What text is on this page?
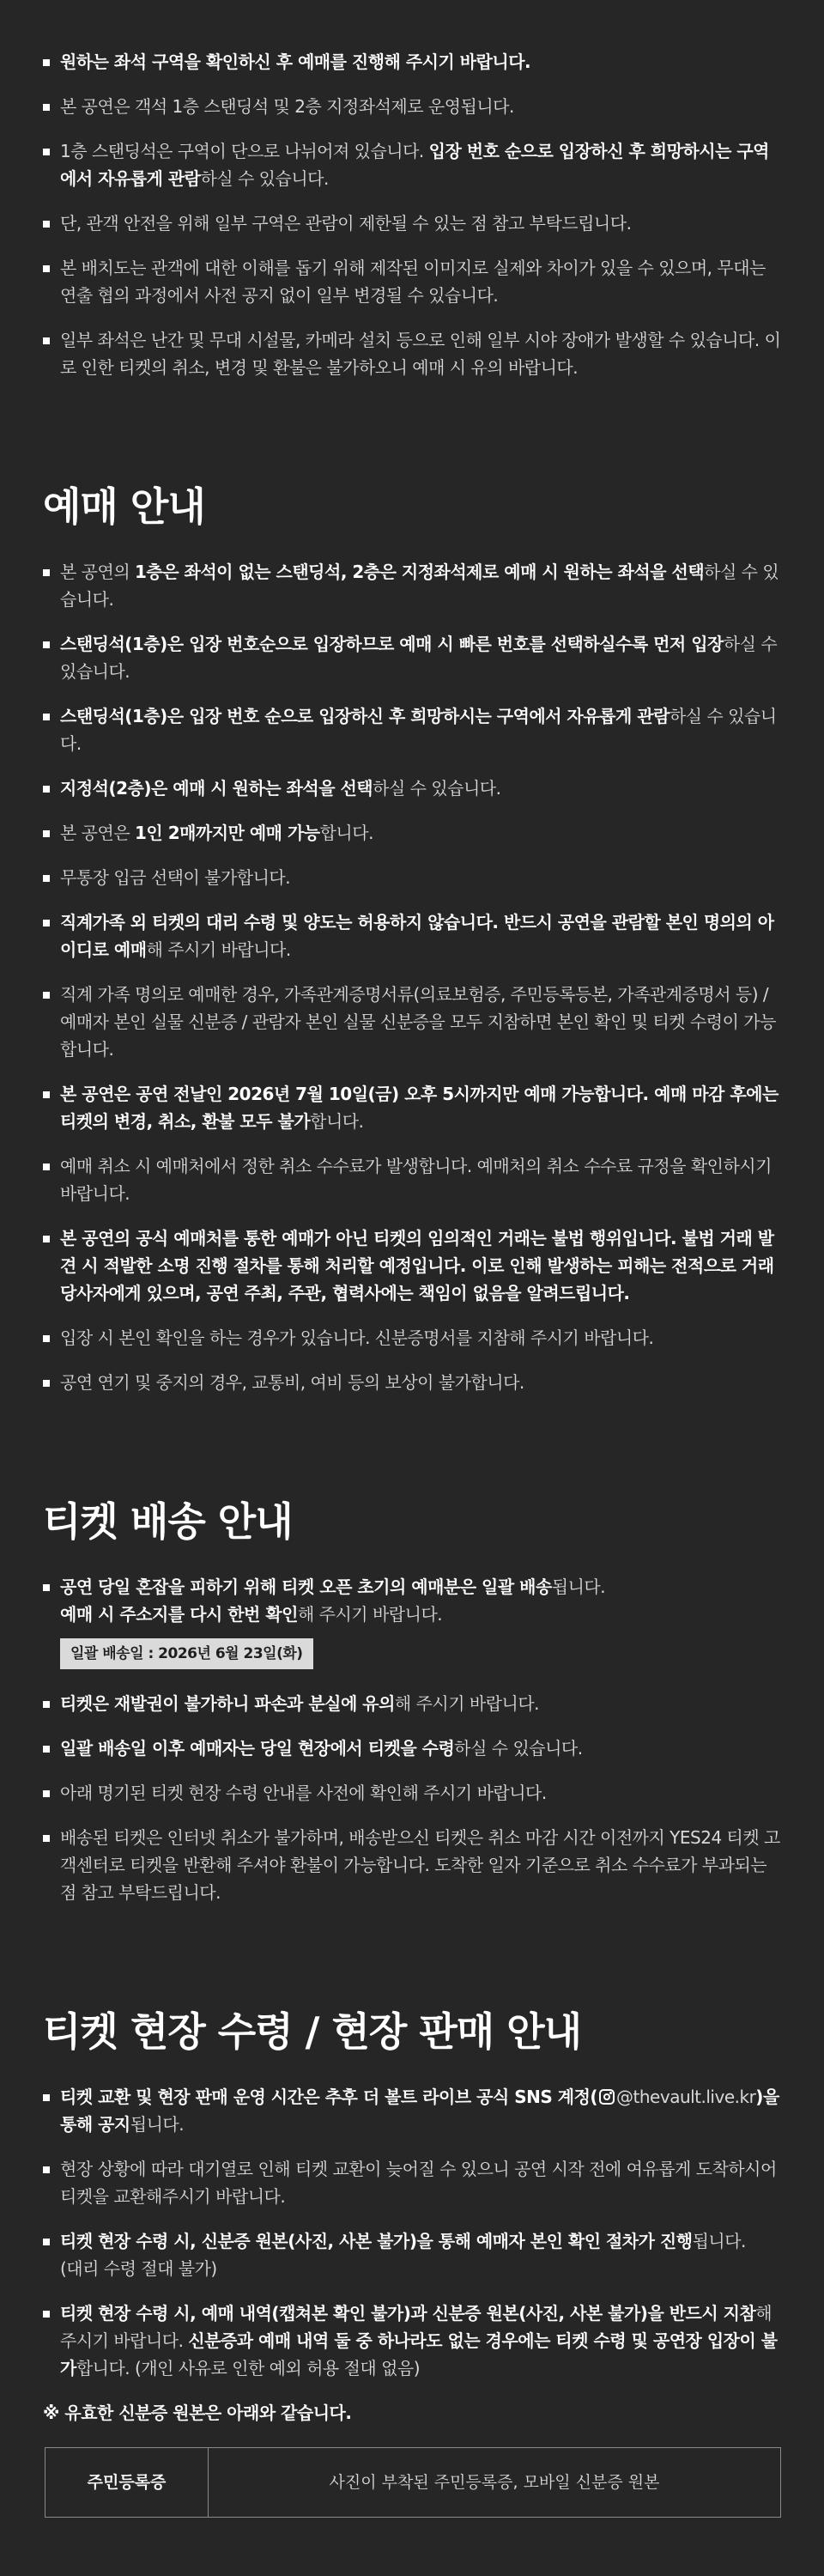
원하는 좌석 구역을 확인하신 후 예매를 진행해 주시기 바랍니다.
본 공연은 객석 1층 스탠딩석 및 2층 지정좌석제로 운영됩니다.
1층 스탠딩석은 구역이 단으로 나뉘어져 있습니다. 입장 번호 순으로 입장하신 후 희망하시는 구역에서 자유롭게 관람하실 수 있습니다.
단, 관객 안전을 위해 일부 구역은 관람이 제한될 수 있는 점 참고 부탁드립니다.
본 배치도는 관객에 대한 이해를 돕기 위해 제작된 이미지로 실제와 차이가 있을 수 있으며, 무대는 연출 협의 과정에서 사전 공지 없이 일부 변경될 수 있습니다.
일부 좌석은 난간 및 무대 시설물, 카메라 설치 등으로 인해 일부 시야 장애가 발생할 수 있습니다. 이로 인한 티켓의 취소, 변경 및 환불은 불가하오니 예매 시 유의 바랍니다.
예매 안내
본 공연의 1층은 좌석이 없는 스탠딩석, 2층은 지정좌석제로 예매 시 원하는 좌석을 선택하실 수 있습니다.
스탠딩석(1층)은 입장 번호순으로 입장하므로 예매 시 빠른 번호를 선택하실수록 먼저 입장하실 수 있습니다.
스탠딩석(1층)은 입장 번호 순으로 입장하신 후 희망하시는 구역에서 자유롭게 관람하실 수 있습니다.
지정석(2층)은 예매 시 원하는 좌석을 선택하실 수 있습니다.
본 공연은 1인 2매까지만 예매 가능합니다.
무통장 입금 선택이 불가합니다.
직계가족 외 티켓의 대리 수령 및 양도는 허용하지 않습니다. 반드시 공연을 관람할 본인 명의의 아이디로 예매해 주시기 바랍니다.
직계 가족 명의로 예매한 경우, 가족관계증명서류(의료보험증, 주민등록등본, 가족관계증명서 등) / 예매자 본인 실물 신분증 / 관람자 본인 실물 신분증을 모두 지참하면 본인 확인 및 티켓 수령이 가능합니다.
본 공연은 공연 전날인 2026년 7월 10일(금) 오후 5시까지만 예매 가능합니다. 예매 마감 후에는 티켓의 변경, 취소, 환불 모두 불가합니다.
예매 취소 시 예매처에서 정한 취소 수수료가 발생합니다. 예매처의 취소 수수료 규정을 확인하시기 바랍니다.
본 공연의 공식 예매처를 통한 예매가 아닌 티켓의 임의적인 거래는 불법 행위입니다. 불법 거래 발견 시 적발한 소명 진행 절차를 통해 처리할 예정입니다. 이로 인해 발생하는 피해는 전적으로 거래 당사자에게 있으며, 공연 주최, 주관, 협력사에는 책임이 없음을 알려드립니다.
입장 시 본인 확인을 하는 경우가 있습니다. 신분증명서를 지참해 주시기 바랍니다.
공연 연기 및 중지의 경우, 교통비, 여비 등의 보상이 불가합니다.
티켓 배송 안내
공연 당일 혼잡을 피하기 위해 티켓 오픈 초기의 예매분은 일괄 배송됩니다.
예매 시 주소지를 다시 한번 확인해 주시기 바랍니다.
일괄 배송일 : 2026년 6월 23일(화)
티켓은 재발권이 불가하니 파손과 분실에 유의해 주시기 바랍니다.
일괄 배송일 이후 예매자는 당일 현장에서 티켓을 수령하실 수 있습니다.
아래 명기된 티켓 현장 수령 안내를 사전에 확인해 주시기 바랍니다.
배송된 티켓은 인터넷 취소가 불가하며, 배송받으신 티켓은 취소 마감 시간 이전까지 YES24 티켓 고객센터로 티켓을 반환해 주셔야 환불이 가능합니다. 도착한 일자 기준으로 취소 수수료가 부과되는 점 참고 부탁드립니다.
티켓 현장 수령 / 현장 판매 안내
티켓 교환 및 현장 판매 운영 시간은 추후 더 볼트 라이브 공식 SNS 계정( @thevault.live.kr)을 통해 공지됩니다.
현장 상황에 따라 대기열로 인해 티켓 교환이 늦어질 수 있으니 공연 시작 전에 여유롭게 도착하시어 티켓을 교환해주시기 바랍니다.
티켓 현장 수령 시, 신분증 원본(사진, 사본 불가)을 통해 예매자 본인 확인 절차가 진행됩니다.
(대리 수령 절대 불가)
티켓 현장 수령 시, 예매 내역(캡쳐본 확인 불가)과 신분증 원본(사진, 사본 불가)을 반드시 지참해 주시기 바랍니다. 신분증과 예매 내역 둘 중 하나라도 없는 경우에는 티켓 수령 및 공연장 입장이 불가합니다. (개인 사유로 인한 예외 허용 절대 없음)

※ 유효한 신분증 원본은 아래와 같습니다.

주민등록증	사진이 부착된 주민등록증, 모바일 신분증 원본
